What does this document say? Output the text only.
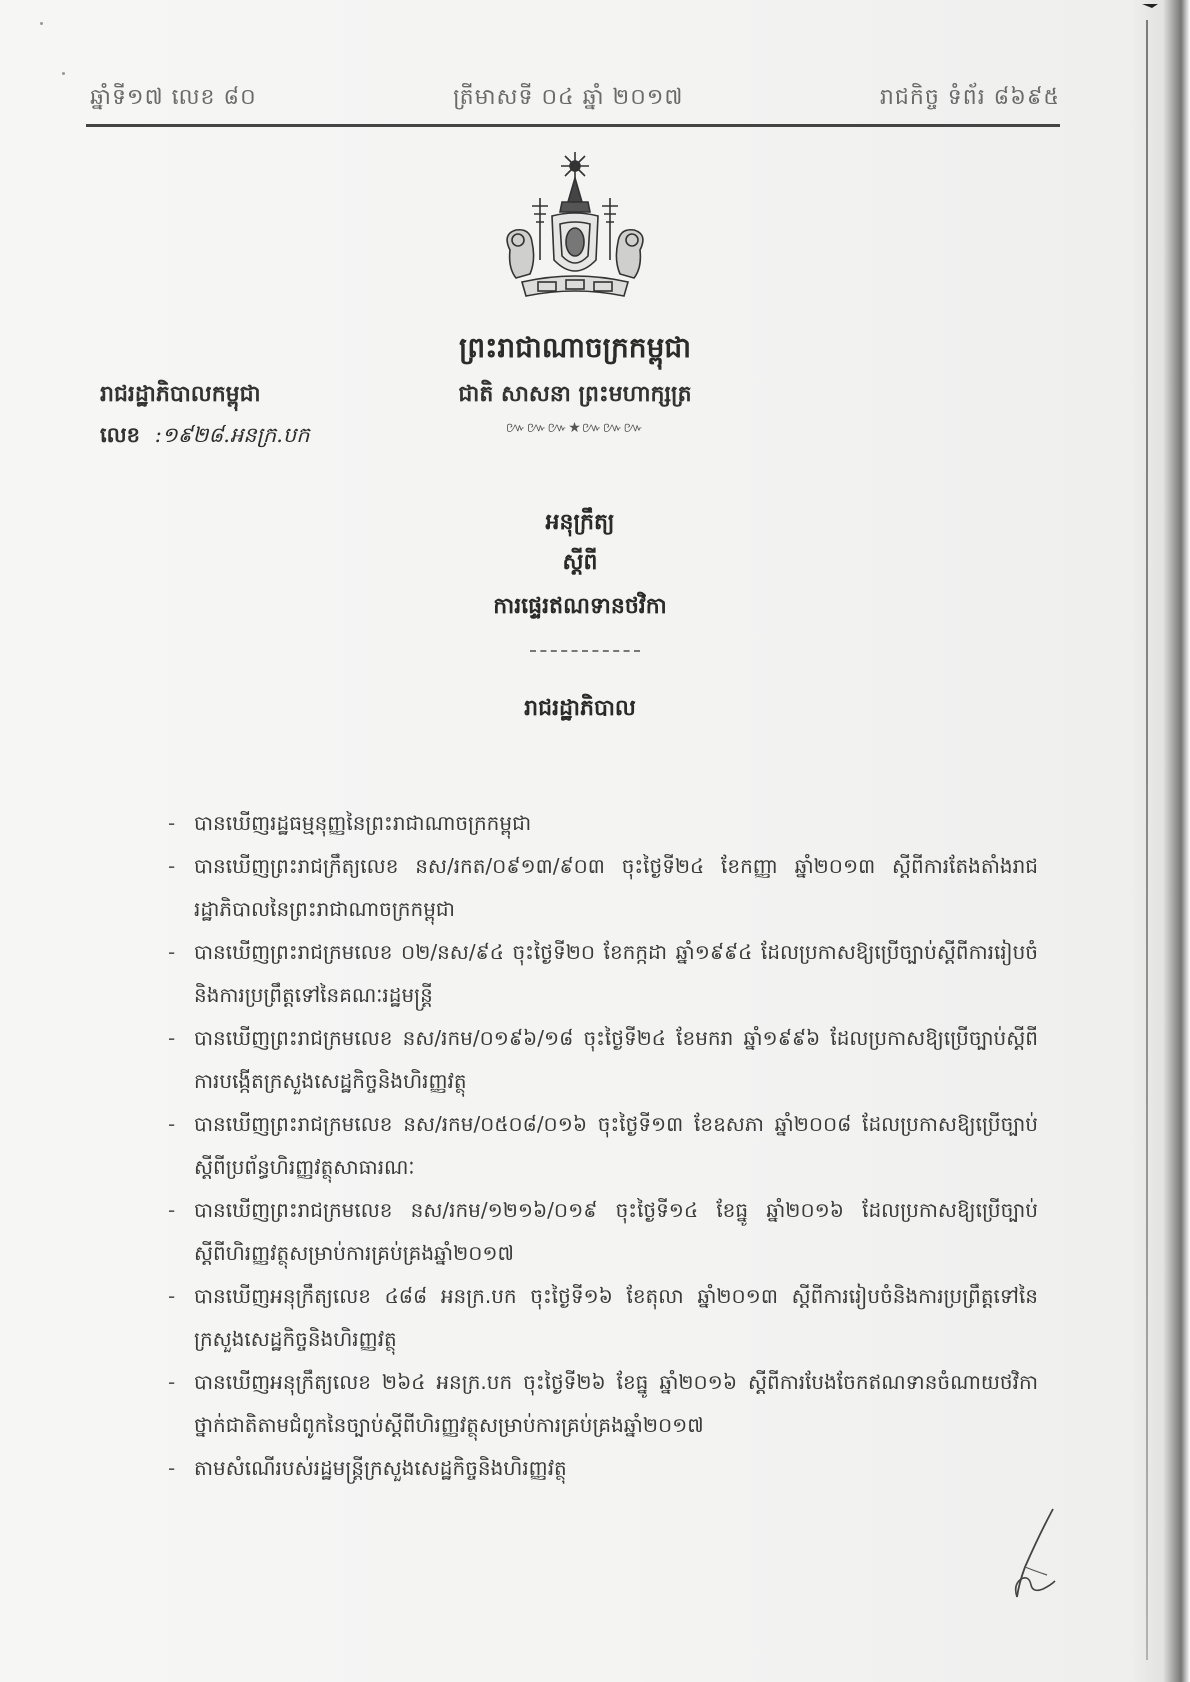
ឆ្នាំទី១៧ លេខ ៨០	ត្រីមាសទី ០៤ ឆ្នាំ ២០១៧	រាជកិច្ច ទំព័រ ៨៦៩៥
ព្រះរាជាណាចក្រកម្ពុជា
ជាតិ សាសនា ព្រះមហាក្សត្រ
៚៚៚★៚៚៚
រាជរដ្ឋាភិបាលកម្ពុជា
លេខ :១៩២៨.អនក្រ.បក
អនុក្រឹត្យ
ស្តីពី
ការផ្ទេរឥណទានថវិកា
រាជរដ្ឋាភិបាល
- បានឃើញរដ្ឋធម្មនុញ្ញនៃព្រះរាជាណាចក្រកម្ពុជា
- បានឃើញព្រះរាជក្រឹត្យលេខ នស/រកត/០៩១៣/៩០៣ ចុះថ្ងៃទី២៤ ខែកញ្ញា ឆ្នាំ២០១៣ ស្តីពីការតែងតាំងរាជរដ្ឋាភិបាលនៃព្រះរាជាណាចក្រកម្ពុជា
- បានឃើញព្រះរាជក្រមលេខ ០២/នស/៩៤ ចុះថ្ងៃទី២០ ខែកក្កដា ឆ្នាំ១៩៩៤ ដែលប្រកាសឱ្យប្រើច្បាប់ស្តីពីការរៀបចំនិងការប្រព្រឹត្តទៅនៃគណៈរដ្ឋមន្ត្រី
- បានឃើញព្រះរាជក្រមលេខ នស/រកម/០១៩៦/១៨ ចុះថ្ងៃទី២៤ ខែមករា ឆ្នាំ១៩៩៦ ដែលប្រកាសឱ្យប្រើច្បាប់ស្តីពីការបង្កើតក្រសួងសេដ្ឋកិច្ចនិងហិរញ្ញវត្ថុ
- បានឃើញព្រះរាជក្រមលេខ នស/រកម/០៥០៨/០១៦ ចុះថ្ងៃទី១៣ ខែឧសភា ឆ្នាំ២០០៨ ដែលប្រកាសឱ្យប្រើច្បាប់ស្តីពីប្រព័ន្ធហិរញ្ញវត្ថុសាធារណៈ
- បានឃើញព្រះរាជក្រមលេខ នស/រកម/១២១៦/០១៩ ចុះថ្ងៃទី១៤ ខែធ្នូ ឆ្នាំ២០១៦ ដែលប្រកាសឱ្យប្រើច្បាប់ស្តីពីហិរញ្ញវត្ថុសម្រាប់ការគ្រប់គ្រងឆ្នាំ២០១៧
- បានឃើញអនុក្រឹត្យលេខ ៤៨៨ អនក្រ.បក ចុះថ្ងៃទី១៦ ខែតុលា ឆ្នាំ២០១៣ ស្តីពីការរៀបចំនិងការប្រព្រឹត្តទៅនៃក្រសួងសេដ្ឋកិច្ចនិងហិរញ្ញវត្ថុ
- បានឃើញអនុក្រឹត្យលេខ ២៦៤ អនក្រ.បក ចុះថ្ងៃទី២៦ ខែធ្នូ ឆ្នាំ២០១៦ ស្តីពីការបែងចែកឥណទានចំណាយថវិកាថ្នាក់ជាតិតាមជំពូកនៃច្បាប់ស្តីពីហិរញ្ញវត្ថុសម្រាប់ការគ្រប់គ្រងឆ្នាំ២០១៧
- តាមសំណើរបស់រដ្ឋមន្ត្រីក្រសួងសេដ្ឋកិច្ចនិងហិរញ្ញវត្ថុ
